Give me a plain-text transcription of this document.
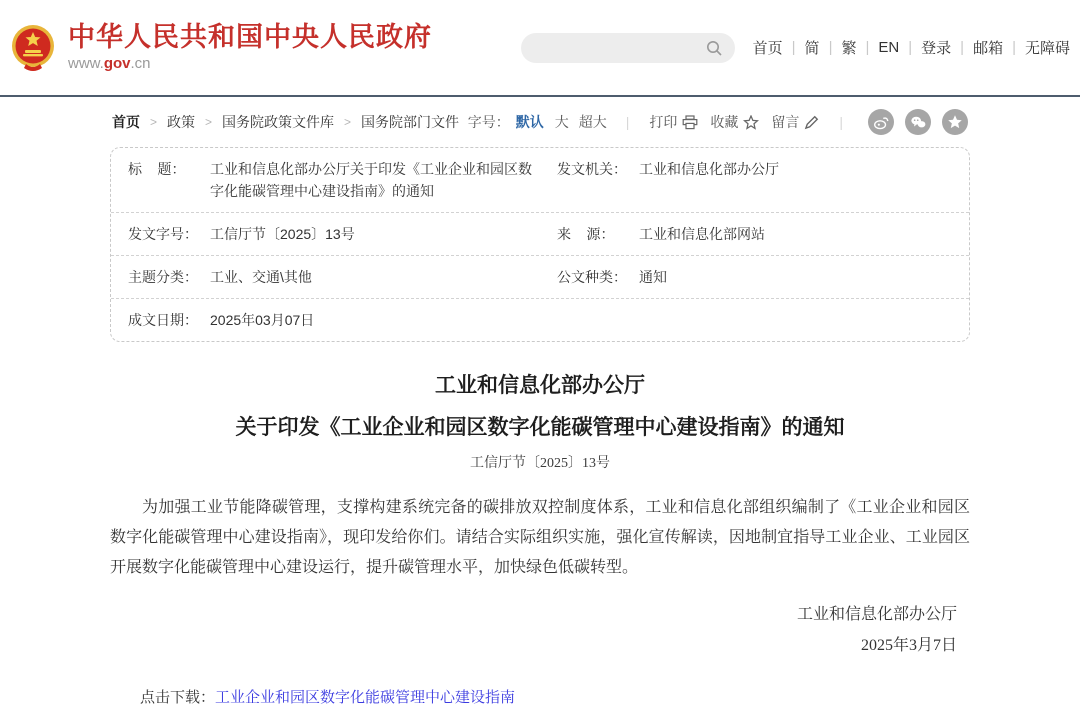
中华人民共和国中央人民政府
www.gov.cn
首页 | 简 | 繁 | EN | 登录 | 邮箱 | 无障碍
首页 > 政策 > 国务院政策文件库 > 国务院部门文件 字号： 默认 大 超大 | 打印 收藏 留言	|
标    题：	工业和信息化部办公厅关于印发《工业企业和园区数字化能碳管理中心建设指南》的通知
发文机关： 工业和信息化部办公厅
发文字号： 工信厅节〔2025〕13号	来    源：	工业和信息化部网站
主题分类： 工业、交通\其他	公文种类： 通知
成文日期： 2025年03月07日
工业和信息化部办公厅
关于印发《工业企业和园区数字化能碳管理中心建设指南》的通知
工信厅节〔2025〕13号

为加强工业节能降碳管理，支撑构建系统完备的碳排放双控制度体系，工业和信息化部组织编制了《工业企业和园区数字化能碳管理中心建设指南》，现印发给你们。请结合实际组织实施，强化宣传解读，因地制宜指导工业企业、工业园区开展数字化能碳管理中心建设运行，提升碳管理水平，加快绿色低碳转型。

工业和信息化部办公厅
2025年3月7日
点击下载：工业企业和园区数字化能碳管理中心建设指南
